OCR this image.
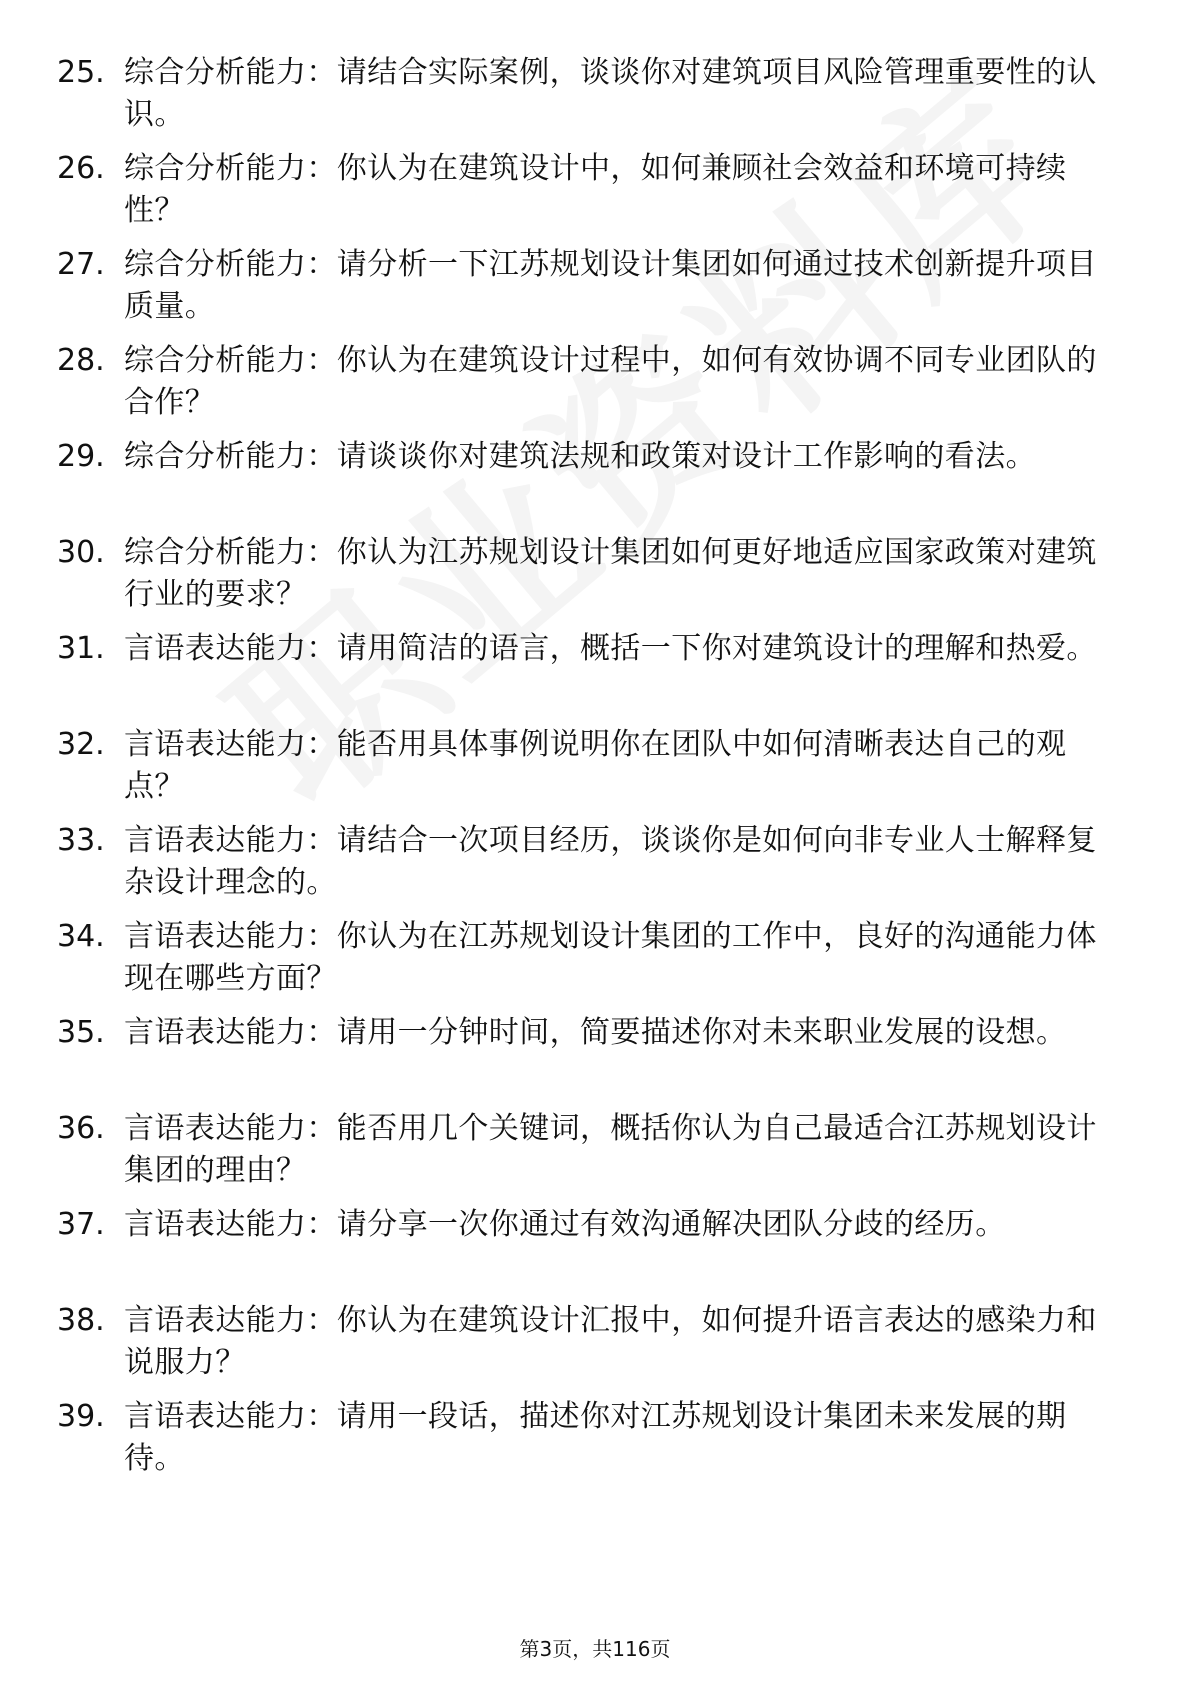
25. 综合分析能力：请结合实际案例，谈谈你对建筑项目风险管理重要性的认识。
26. 综合分析能力：你认为在建筑设计中，如何兼顾社会效益和环境可持续性？
27. 综合分析能力：请分析一下江苏规划设计集团如何通过技术创新提升项目质量。
28. 综合分析能力：你认为在建筑设计过程中，如何有效协调不同专业团队的合作？
29. 综合分析能力：请谈谈你对建筑法规和政策对设计工作影响的看法。
30. 综合分析能力：你认为江苏规划设计集团如何更好地适应国家政策对建筑行业的要求？
31. 言语表达能力：请用简洁的语言，概括一下你对建筑设计的理解和热爱。
32. 言语表达能力：能否用具体事例说明你在团队中如何清晰表达自己的观点？
33. 言语表达能力：请结合一次项目经历，谈谈你是如何向非专业人士解释复杂设计理念的。
34. 言语表达能力：你认为在江苏规划设计集团的工作中，良好的沟通能力体现在哪些方面？
35. 言语表达能力：请用一分钟时间，简要描述你对未来职业发展的设想。
36. 言语表达能力：能否用几个关键词，概括你认为自己最适合江苏规划设计集团的理由？
37. 言语表达能力：请分享一次你通过有效沟通解决团队分歧的经历。
38. 言语表达能力：你认为在建筑设计汇报中，如何提升语言表达的感染力和说服力？
39. 言语表达能力：请用一段话，描述你对江苏规划设计集团未来发展的期待。
第3页，共116页
